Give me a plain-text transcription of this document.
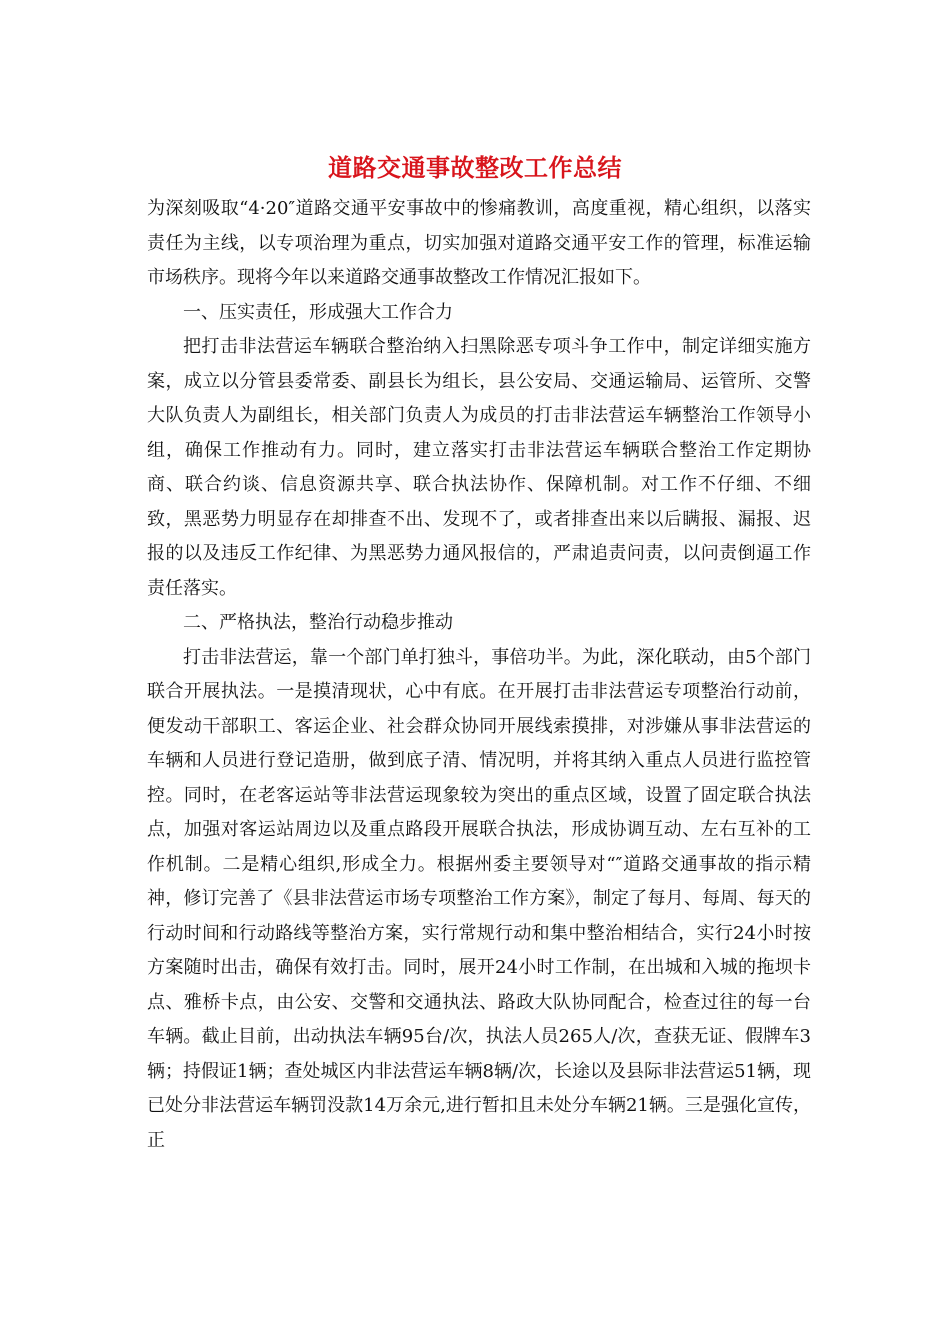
道路交通事故整改工作总结

为深刻吸取“4·20″道路交通平安事故中的惨痛教训，高度重视，精心组织，以落实责任为主线，以专项治理为重点，切实加强对道路交通平安工作的管理，标准运输市场秩序。现将今年以来道路交通事故整改工作情况汇报如下。

一、压实责任，形成强大工作合力

把打击非法营运车辆联合整治纳入扫黑除恶专项斗争工作中，制定详细实施方案，成立以分管县委常委、副县长为组长，县公安局、交通运输局、运管所、交警大队负责人为副组长，相关部门负责人为成员的打击非法营运车辆整治工作领导小组，确保工作推动有力。同时，建立落实打击非法营运车辆联合整治工作定期协商、联合约谈、信息资源共享、联合执法协作、保障机制。对工作不仔细、不细致，黑恶势力明显存在却排查不出、发现不了，或者排查出来以后瞒报、漏报、迟报的以及违反工作纪律、为黑恶势力通风报信的，严肃追责问责，以问责倒逼工作责任落实。

二、严格执法，整治行动稳步推动

打击非法营运，靠一个部门单打独斗，事倍功半。为此，深化联动，由5个部门联合开展执法。一是摸清现状，心中有底。在开展打击非法营运专项整治行动前，便发动干部职工、客运企业、社会群众协同开展线索摸排，对涉嫌从事非法营运的车辆和人员进行登记造册，做到底子清、情况明，并将其纳入重点人员进行监控管控。同时，在老客运站等非法营运现象较为突出的重点区域，设置了固定联合执法点，加强对客运站周边以及重点路段开展联合执法，形成协调互动、左右互补的工作机制。二是精心组织,形成全力。根据州委主要领导对“″道路交通事故的指示精神，修订完善了《县非法营运市场专项整治工作方案》，制定了每月、每周、每天的行动时间和行动路线等整治方案，实行常规行动和集中整治相结合，实行24小时按方案随时出击，确保有效打击。同时，展开24小时工作制，在出城和入城的拖坝卡点、雅桥卡点，由公安、交警和交通执法、路政大队协同配合，检查过往的每一台车辆。截止目前，出动执法车辆95台/次，执法人员265人/次，查获无证、假牌车3辆；持假证1辆；查处城区内非法营运车辆8辆/次，长途以及县际非法营运51辆，现已处分非法营运车辆罚没款14万余元,进行暂扣且未处分车辆21辆。三是强化宣传，正
